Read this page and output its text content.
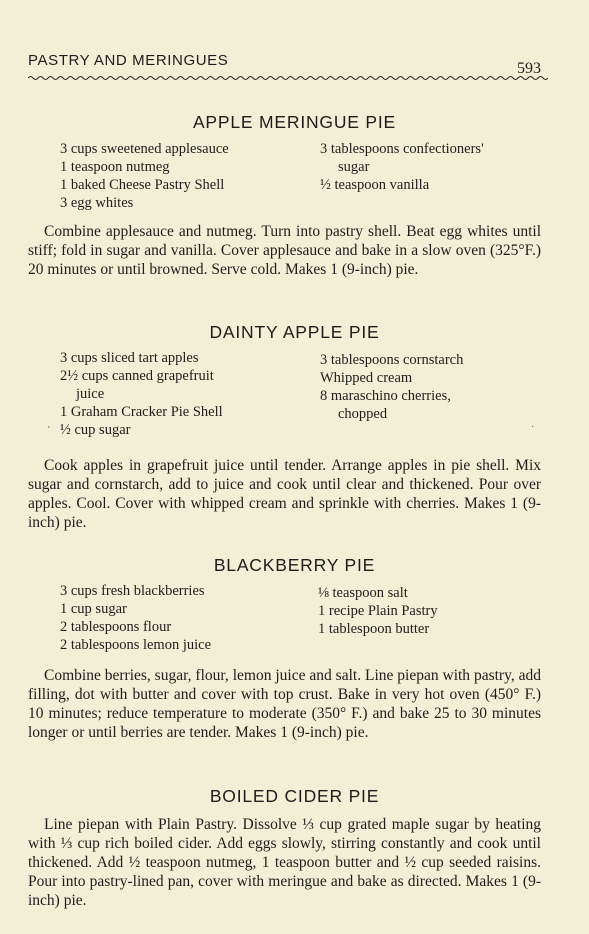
PASTRY AND MERINGUES	593
APPLE MERINGUE PIE
3 cups sweetened applesauce
1 teaspoon nutmeg
1 baked Cheese Pastry Shell
3 egg whites
3 tablespoons confectioners'
sugar
½ teaspoon vanilla
Combine applesauce and nutmeg. Turn into pastry shell. Beat egg whites until stiff; fold in sugar and vanilla. Cover applesauce and bake in a slow oven (325°F.) 20 minutes or until browned. Serve cold. Makes 1 (9-inch) pie.
DAINTY APPLE PIE
3 cups sliced tart apples
2½ cups canned grapefruit
juice
1 Graham Cracker Pie Shell
½ cup sugar
'
3 tablespoons cornstarch
Whipped cream
8 maraschino cherries,
chopped
·
Cook apples in grapefruit juice until tender. Arrange apples in pie shell. Mix sugar and cornstarch, add to juice and cook until clear and thickened. Pour over apples. Cool. Cover with whipped cream and sprinkle with cherries. Makes 1 (9-inch) pie.
BLACKBERRY PIE
3 cups fresh blackberries
1 cup sugar
2 tablespoons flour
2 tablespoons lemon juice
⅛ teaspoon salt
1 recipe Plain Pastry
1 tablespoon butter
Combine berries, sugar, flour, lemon juice and salt. Line piepan with pastry, add filling, dot with butter and cover with top crust. Bake in very hot oven (450° F.) 10 minutes; reduce temperature to moderate (350° F.) and bake 25 to 30 minutes longer or until berries are tender. Makes 1 (9-inch) pie.
BOILED CIDER PIE
Line piepan with Plain Pastry. Dissolve ⅓ cup grated maple sugar by heating with ⅓ cup rich boiled cider. Add eggs slowly, stirring constantly and cook until thickened. Add ½ teaspoon nutmeg, 1 teaspoon butter and ½ cup seeded raisins. Pour into pastry-lined pan, cover with meringue and bake as directed. Makes 1 (9-inch) pie.
